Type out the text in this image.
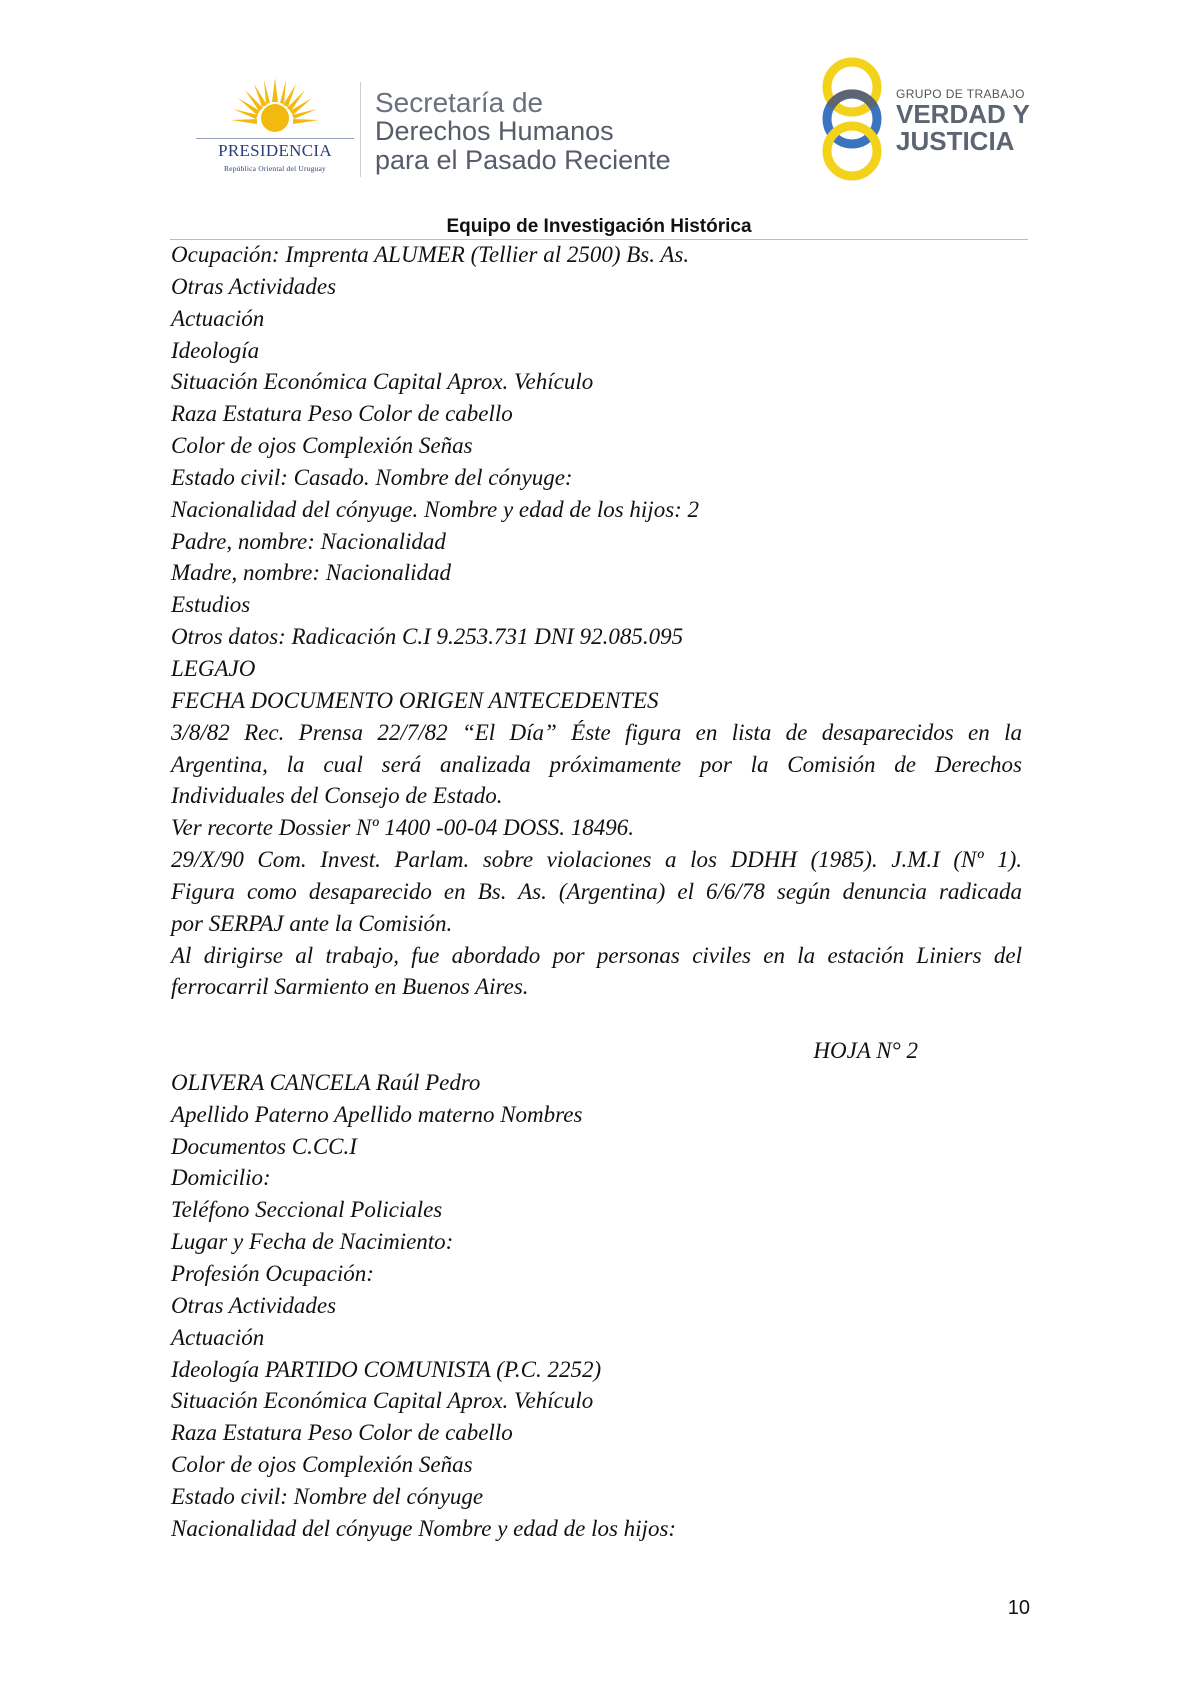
PRESIDENCIA
República Oriental del Uruguay
Secretaría de
Derechos Humanos
para el Pasado Reciente
GRUPO DE TRABAJO
VERDAD Y
JUSTICIA
Equipo de Investigación Histórica
Ocupación: Imprenta ALUMER (Tellier al 2500) Bs. As.
Otras Actividades
Actuación
Ideología
Situación Económica Capital Aprox. Vehículo
Raza Estatura Peso Color de cabello
Color de ojos Complexión Señas
Estado civil: Casado. Nombre del cónyuge:
Nacionalidad del cónyuge. Nombre y edad de los hijos: 2
Padre, nombre: Nacionalidad
Madre, nombre: Nacionalidad
Estudios
Otros datos: Radicación C.I 9.253.731 DNI 92.085.095
LEGAJO
FECHA DOCUMENTO ORIGEN ANTECEDENTES
3/8/82 Rec. Prensa 22/7/82 “El Día” Éste figura en lista de desaparecidos en la
Argentina, la cual será analizada próximamente por la Comisión de Derechos
Individuales del Consejo de Estado.
Ver recorte Dossier Nº 1400 -00-04 DOSS. 18496.
29/X/90 Com. Invest. Parlam. sobre violaciones a los DDHH (1985). J.M.I (Nº 1).
Figura como desaparecido en Bs. As. (Argentina) el 6/6/78 según denuncia radicada
por SERPAJ ante la Comisión.
Al dirigirse al trabajo, fue abordado por personas civiles en la estación Liniers del
ferrocarril Sarmiento en Buenos Aires.
HOJA N° 2
OLIVERA CANCELA Raúl Pedro
Apellido Paterno Apellido materno Nombres
Documentos C.CC.I
Domicilio:
Teléfono Seccional Policiales
Lugar y Fecha de Nacimiento:
Profesión Ocupación:
Otras Actividades
Actuación
Ideología PARTIDO COMUNISTA (P.C. 2252)
Situación Económica Capital Aprox. Vehículo
Raza Estatura Peso Color de cabello
Color de ojos Complexión Señas
Estado civil: Nombre del cónyuge
Nacionalidad del cónyuge Nombre y edad de los hijos:
10
